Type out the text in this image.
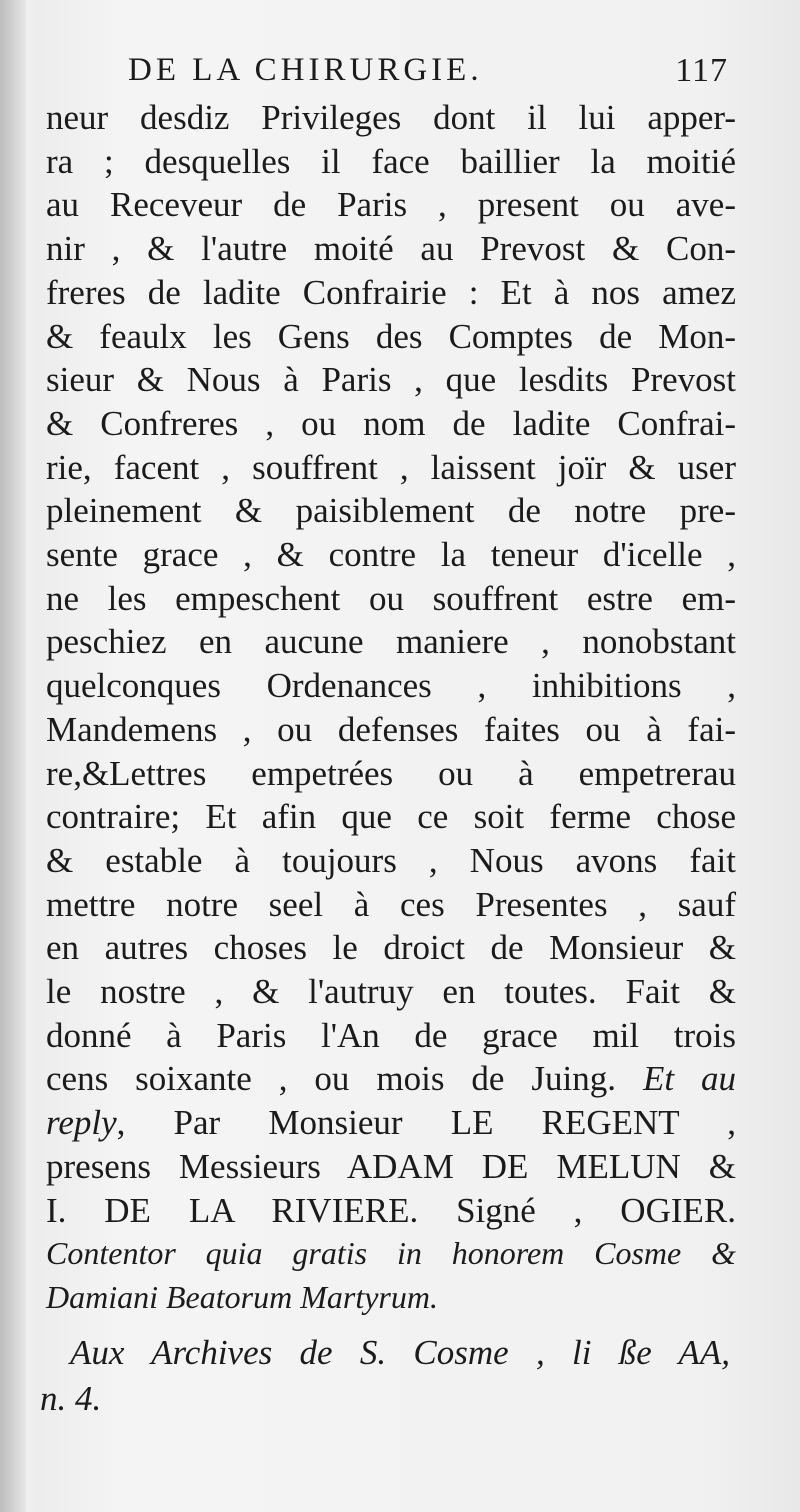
DE LA CHIRURGIE.	117
neur desdiz Privileges dont il lui apper-
ra ; desquelles il face baillier la moitié
au Receveur de Paris , present ou ave-
nir , & l'autre moité au Prevost & Con-
freres de ladite Confrairie : Et à nos amez
& feaulx les Gens des Comptes de Mon-
sieur & Nous à Paris , que lesdits Prevost
& Confreres , ou nom de ladite Confrai-
rie, facent , souffrent , laissent joïr & user
pleinement & paisiblement de notre pre-
sente grace , & contre la teneur d'icelle ,
ne les empeschent ou souffrent estre em-
peschiez en aucune maniere , nonobstant
quelconques Ordenances , inhibitions ,
Mandemens , ou defenses faites ou à fai-
re,&Lettres empetrées ou à empetrerau
contraire; Et afin que ce soit ferme chose
& estable à toujours , Nous avons fait
mettre notre seel à ces Presentes , sauf
en autres choses le droict de Monsieur &
le nostre , & l'autruy en toutes. Fait &
donné à Paris l'An de grace mil trois
cens soixante , ou mois de Juing. Et au
reply, Par Monsieur LE REGENT ,
presens Messieurs ADAM DE MELUN &
I. DE LA RIVIERE. Signé , OGIER.
Contentor quia gratis in honorem Cosme &
Damiani Beatorum Martyrum.
Aux Archives de S. Cosme , li ße AA,
n. 4.
